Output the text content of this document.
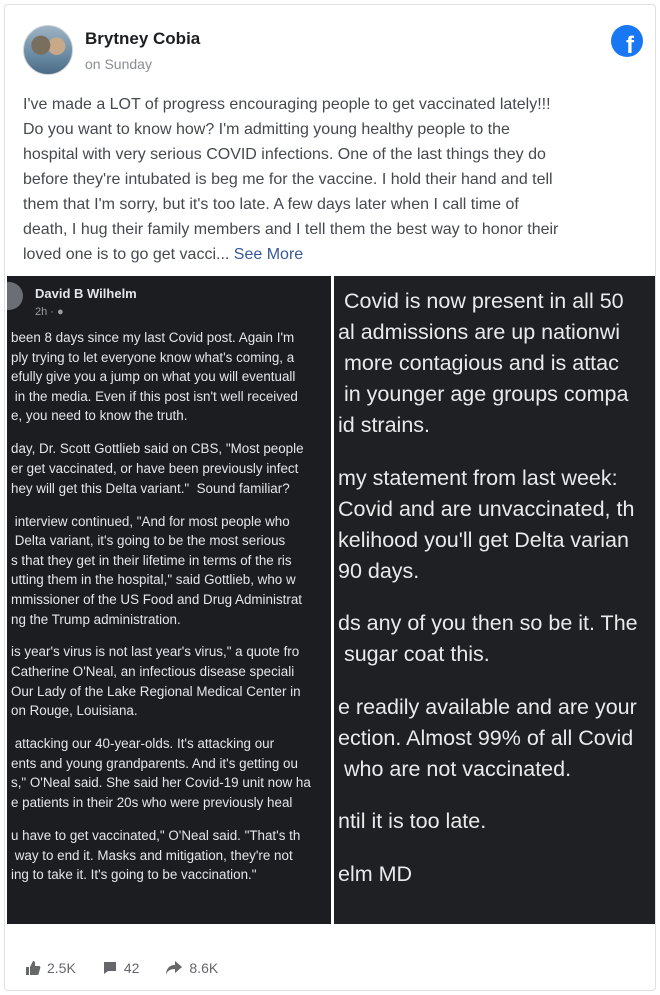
Brytney Cobia
on Sunday
f
I've made a LOT of progress encouraging people to get vaccinated lately!!!
Do you want to know how? I'm admitting young healthy people to the
hospital with very serious COVID infections. One of the last things they do
before they're intubated is beg me for the vaccine. I hold their hand and tell
them that I'm sorry, but it's too late. A few days later when I call time of
death, I hug their family members and I tell them the best way to honor their
loved one is to go get vacci... See More
David B Wilhelm
2h · ●
been 8 days since my last Covid post. Again I'm
ply trying to let everyone know what's coming, a
efully give you a jump on what you will eventuall
in the media. Even if this post isn't well received
e, you need to know the truth.
day, Dr. Scott Gottlieb said on CBS, "Most people
er get vaccinated, or have been previously infect
hey will get this Delta variant."  Sound familiar?
interview continued, "And for most people who
Delta variant, it's going to be the most serious
s that they get in their lifetime in terms of the ris
utting them in the hospital," said Gottlieb, who w
mmissioner of the US Food and Drug Administrat
ng the Trump administration.
is year's virus is not last year's virus," a quote fro
Catherine O'Neal, an infectious disease speciali
Our Lady of the Lake Regional Medical Center in
on Rouge, Louisiana.
attacking our 40-year-olds. It's attacking our
ents and young grandparents. And it's getting ou
s," O'Neal said. She said her Covid-19 unit now ha
e patients in their 20s who were previously heal
u have to get vaccinated," O'Neal said. "That's th
way to end it. Masks and mitigation, they're not
ing to take it. It's going to be vaccination."
Covid is now present in all 50
al admissions are up nationwi
more contagious and is attac
in younger age groups compa
id strains.
my statement from last week:
Covid and are unvaccinated, th
kelihood you'll get Delta varian
90 days.
ds any of you then so be it. The
sugar coat this.
e readily available and are your
ection. Almost 99% of all Covid
who are not vaccinated.
ntil it is too late.
elm MD
2.5K	42	8.6K
